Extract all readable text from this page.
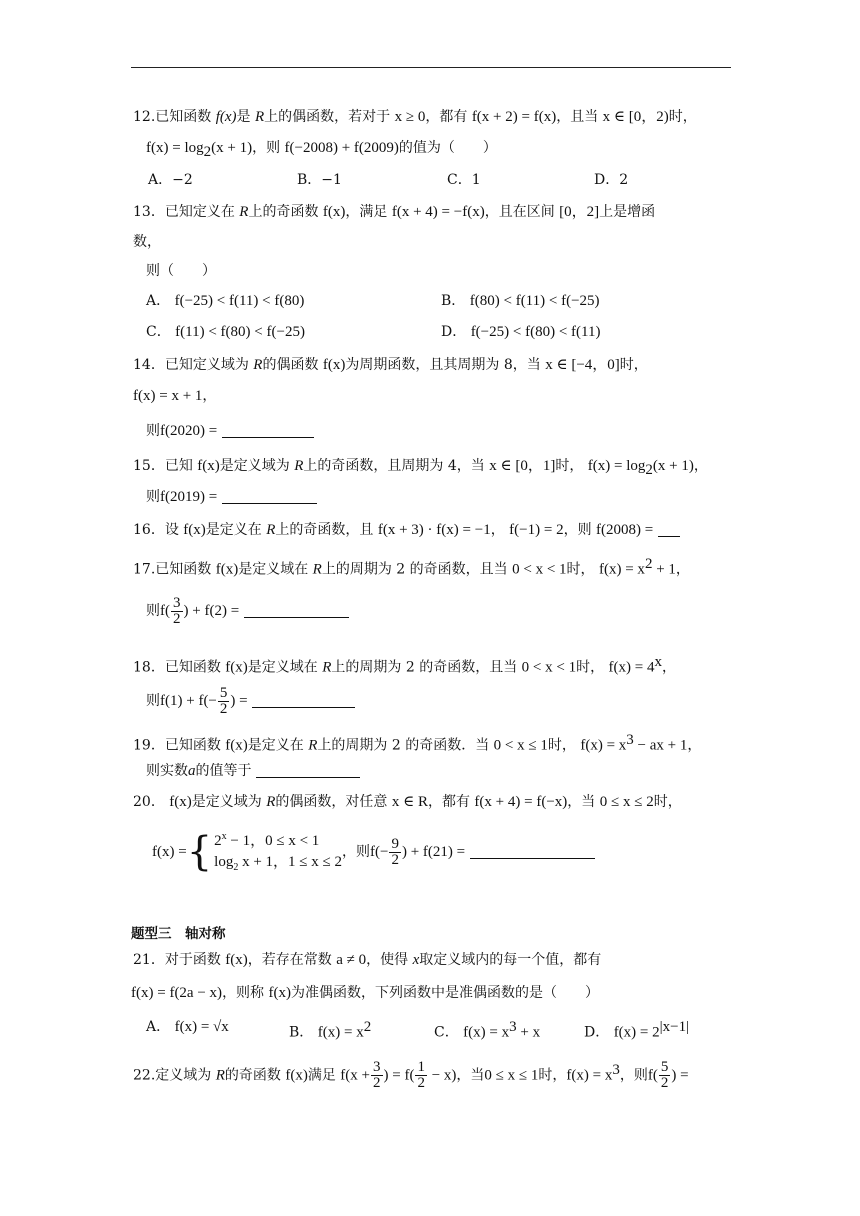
12.已知函数 f(x)是 R上的偶函数，若对于 x ≥ 0，都有 f(x + 2) = f(x)，且当 x ∈ [0，2)时，
$f(x) = \log_2(x + 1)$，则 f(−2008) + f(2009)的值为（　　）
A．−2	B．−1	C．1	D．2
13．已知定义在 R上的奇函数 f(x)，满足 f(x + 4) = −f(x)，且在区间 [0，2]上是增函
数，
则（　　）
A． f(−25) < f(11) < f(80)	B． f(80) < f(11) < f(−25)
C． f(11) < f(80) < f(−25)	D． f(−25) < f(80) < f(11)
14．已知定义域为 R的偶函数 f(x)为周期函数，且其周期为 8，当 x ∈ [−4，0]时，
f(x) = x + 1，
则f(2020) =
15．已知 f(x)是定义域为 R上的奇函数，且周期为 4，当 x ∈ [0，1]时， $f(x) = \log_2(x + 1)$，
则f(2019) =
16．设 f(x)是定义在 R上的奇函数，且 f(x + 3) · f(x) = −1， f(−1) = 2，则 f(2008) =
17.已知函数 f(x)是定义域在 R上的周期为 2 的奇函数，且当 0 < x < 1时， $f(x) = x^2 + 1$，
则$f( \frac{3}{2}$ ) + f(2) =
18．已知函数 f(x)是定义域在 R上的周期为 2 的奇函数，且当 0 < x < 1时， $f(x) = 4^x$，
则$f(1) + f(- \frac{5}{2}$ ) =
19．已知函数 f(x)是定义在 R上的周期为 2 的奇函数．当 0 < x ≤ 1时， $f(x) = x^3$ − ax + 1，
则实数a的值等于
20． f(x)是定义域为 R的偶函数，对任意 x ∈ R，都有 f(x + 4) = f(−x)，当 0 ≤ x ≤ 2时，
f(x) ={ $2^x - 1$，0 ≤ x < 1
$\log_2 x + 1$，1 ≤ x ≤ 2
，则$f(- \frac{9}{2}$ ) + f(21) =
题型三　轴对称
21．对于函数 f(x)，若存在常数 a ≠ 0，使得 x取定义域内的每一个值，都有
f(x) = f(2a − x)，则称 f(x)为准偶函数，下列函数中是准偶函数的是（　　）
A． f(x) = √x	B． $f(x) = x^2$	C． $f(x) = x^3 + x$	D． $f(x) = 2^{|x-1|}$
22.定义域为 R的奇函数 f(x)满足 $f(x + \frac{3}{2}$ ) = $f( \frac{1}{2} - x)$，当0 ≤ x ≤ 1时，$f(x) = x^3$，则$f( \frac{5}{2}$ ) =
